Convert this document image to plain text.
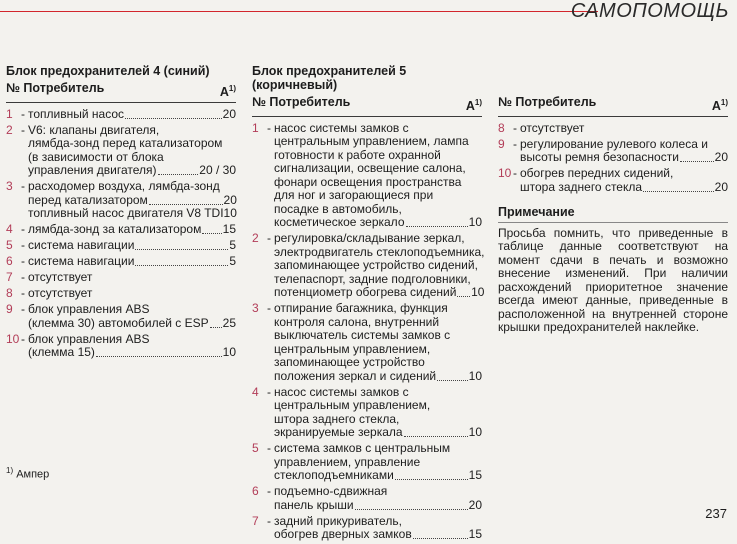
САМОПОМОЩЬ
Блок предохранителей 4 (синий)
№ Потребитель	$А^{1)}$
1 - топливный насос	20
2 - V6: клапаны двигателя,
лямбда-зонд перед катализатором
(в зависимости от блока
управления двигателя)	20 / 30
3 - расходомер воздуха, лямбда-зонд
перед катализатором	20
топливный насос двигателя V8 TDI 10
4 - лямбда-зонд за катализатором 15
5 - система навигации	5
6 - система навигации	5
7 - отсутствует
8 - отсутствует
9 - блок управления ABS
(клемма 30) автомобилей с ESP 25
10 - блок управления ABS
(клемма 15)	10
Блок предохранителей 5
(коричневый)
№ Потребитель	$А^{1)}$
1 - насос системы замков с
центральным управлением, лампа
готовности к работе охранной
сигнализации, освещение салона,
фонари освещения пространства
для ног и загорающиеся при
посадке в автомобиль,
косметическое зеркало	10
2 - регулировка/складывание зеркал,
электродвигатель стеклоподъемника,
запоминающее устройство сидений,
телепаспорт, задние подголовники,
потенциометр обогрева сидений 10
3 - отпирание багажника, функция
контроля салона, внутренний
выключатель системы замков с
центральным управлением,
запоминающее устройство
положения зеркал и сидений	10
4 - насос системы замков с
центральным управлением,
штора заднего стекла,
экранируемые зеркала	10
5 - система замков с центральным
управлением, управление
стеклоподъемниками	15
6 - подъемно-сдвижная
панель крыши	20
7 - задний прикуриватель,
обогрев дверных замков	15
№ Потребитель	$А^{1)}$
8 - отсутствует
9 - регулирование рулевого колеса и
высоты ремня безопасности	20
10 - обогрев передних сидений,
штора заднего стекла	20
Примечание
Просьба помнить, что приведенные в таблице данные соответствуют на момент сдачи в печать и возможно внесение изменений. При наличии расхождений приоритетное значение всегда имеют данные, приведенные в расположенной на внутренней стороне крышки предохранителей наклейке.
$^{1)}$ Ампер
237
